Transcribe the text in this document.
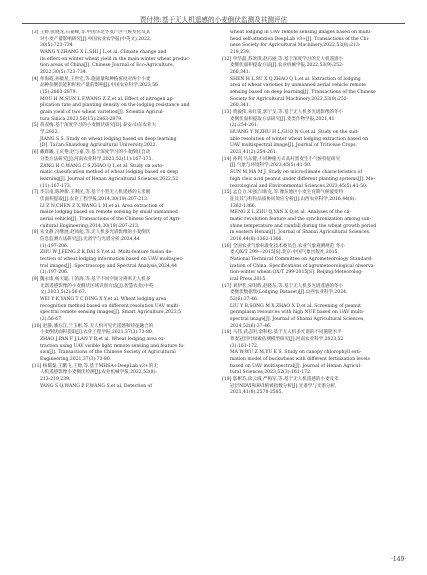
贾付伟:基于无人机遥感的小麦倒伏监测及其测评估
[3] 王娇,张晓龙,石嘉峰,等.中国华北冬麦产区气候变化及其

对小麦产量影响研究[J].中国农业农学报(中英文),2022,
30(5):723-734.
WANG Y,ZHANG X L,SHI J L,et al. Climate change and
its effect on winter wheat yield in the main winter wheat produc-
tion areas of China[J]. Chinese Journal of Eco-Agriculture,
2022,30(5):723-734.
[4] 牟海霞,孙敏星,王世宏,等.施氮量和种植密度对两个小麦

品种抗倒伏能和籽粒产量的影响[J].中国农业科学,2023,56
(15):2863-2879.
MOU H M,SUN L F,WANG Z Z,et al. Effect of nitrogen ap-
plication rate and planting density on the lodging resistance and
grain yield of two wheat varieties[J]. Scientia Agricul-
tura Sinica,2023,56(15):2863-2879.
[5] 蒋双梅.基于深度学习的小麦倒伏研究[D].泰安:山东农业大

学,2022.
JIANG S S. Study on wheat lodging based on deep learning
[D]. Tai'an:Shandong Agricultural University,2022.
[6] 戴辉曦,王庆艳,赵与嘉,等.基于深度学习的小麦倒伏自动

分类方法研究[J].河南农业科学,2023,52(11):167-173.
ZANG H C,WANG C S,ZHAO Q L,et al. Study on auto-
matic classification method of wheat lodging based on deep
learning[J]. Journal of Henan Agricultural Sciences,2022,52
(11):167-173.
[7] 李宗南,陈仲新,王利民,等.基于小型无人机遥感的玉米倒

伏面积提取[J].农业工程学报,2014,30(19):207-213.
LI Z N,CHEN Z X,WANG L M,et al. Area extraction of
maize lodging based on remote sensing by small unmanned
aerial vehicle[J]. Transactions of the Chinese Society of Agri-
cultural Engineering,2014,30(19):207-213.
[8] 朱文静,冯继展,赵凤彪,等.无人机多光谱影像的小麦倒伏

信息监测方法研究[J].光谱学与光谱分析,2024,44
(1):197-206.
ZHU W J,FENG Z K,DAI S Y,et al. Multi-feature fusion de-
tection of wheat lodging information based on UAV multispec-
tral images[J]. Spectroscopy and Spectral Analysis,2024,44
(1):197-206.
[9] 魏永康,杨天聪,丁笛海,等.基于不同空间分辨率无人机多

光谱遥感影像的小麦倒伏区域识别方法[J].智慧农业(中英
文),2023,5(2):56-67.
WEI Y K,YANG T C,DING X Y,et al. Wheat lodging area
recognition method based on different resolution UAV multi-
spectral remote sensing images[J]. Smart Agriculture,2023,5
(2):56-67.
[10] 赵静,潘方江,兰玉彬,等.无人机可见光遥感和特征融合的

小麦倒伏面积提取[J].农业工程学报,2021,37(3):73-80.
ZHAO J,PAN F J,LAN Y B,et al. Wheat lodging area ex-
traction using UAV visible light remote sensing and feature fu-
sion[J]. Transactions of the Chinese Society of Agricultural
Engineering,2021,37(3):73-80.
[11] 杨蜀秦,王鹏飞,王帅,等.基于MHSA+DeepLab v3+的无

人机遥感影像小麦倒伏检测[J].农业机械学报,2022,53(8):
213-219,239.
YANG S Q,WANG P F,WANG S,et al. Detection of
wheat lodging in UAV remote sensing images based on multi-
head self-attention DeepLab v3+[J]. Transactions of the Chi-
nese Society for Agricultural Machinery,2022,53(8):213-
219,239.
[12] 申华磊,苏歆琪,赵巧丽,等.基于深度学习的无人机遥感小

麦倒伏面积提取方法[J].农业机械学报,2022,53(9):252-
260,341.
SHEN H L,SU X Q,ZHAO Q L,et al. Extraction of lodging
area of wheat varieties by unmanned aerial vehicle remote
sensing based on deep learning[J]. Transactions of the Chinese
Society for Agricultural Machinery,2022,53(9):252-
260,341.
[13] 黄毅伟,朱红雷,郭宁戈,等.基于无人机多光谱影像的冬小

麦倒伏面积提取方法研究[J].麦类作物学报,2021,41
(2):254-261.
HUANG Y W,ZHU H L,GUO N G,et al. Study on the suit-
able resolution of winter wheat lodging extraction based on
UAV multispectral image[J]. Journal of Triticeae Crops,
2021,41(2):254-261.
[14] 孙利,马东健,不同种植方式高秆黑麦生小气候特征研究

[J].气象与环境科学,2023,45(5):41-50.
SUN M,MA M J. Study on microclimate characteristics of
high cleic acid peanut under different planting systems[J]. Me-
teorological and Environmental Sciences,2023,45(5):41-50.
[15] 孟自力,朱强,闫新克,等.豫东地区小麦生育期气候波变特

征及其与籽粒品质协同效应分析[J].山西农业科学,2016,44(8):
1362-1366.
MENG Z L,ZHU Q,YAN X Q,et al. Analyses of the cli-
matic revolution feature and the synchronization among sun-
shine,temperature and rainfall during the wheat growth period
in eastern Henan[J]. Journal of Shanxi Agricultural Sciences,
2016,44(8):1362-1366.
[16] 全国农业气象标准化技术委员会.农业气象观测规范 冬小

麦:QX/T 299—2015[S].北京:中国气象出版社,2015.
National Technical Committee on Agrometeorology Standard-
ization of China. Specifications of agrometeorological observa-
tion-winter wheat:QX/T 299-2015[S]. Beijing:Meteorolog-
ical Press,2015.
[17] 刘伊茗,宋明辉,赵晓东,等.基于无人机多光谱遥感的冬小

麦倒伏数据集(Lodging Dataset)[J].山西农业科学,2024,
52(6):37-46.
LIU Y B,SONG M X,ZHAO X D,et al. Screening of peanut
germplasm resources with high NUE based on UAV multi-
spectral image[J]. Journal of Shanxi Agricultural Sciences,
2024,52(6):37-46.
[18] 马伟,武志明,余科松.基于无人机多光谱的不同施肥水平

荞麦冠层叶绿素估测模型研究[J].河南农业科学,2023,52
(3):161-172.
MA W,WU Z M,YU K S. Study on canopy chlorophyll esti-
mation model of buckwheat with different fertilization levels
based on UAV multispectral[J]. Journal of Henan Agricul-
tural Sciences,2023,52(3):161-172.
[19] 邬彬苏,徐云彧,严梅军,等.基于无人机遥感的小麦及禾

冠层NDVI和RVI植被指数分析[J].光谱学与光谱分析,
2021,41(8):2578-2585.
·149·
